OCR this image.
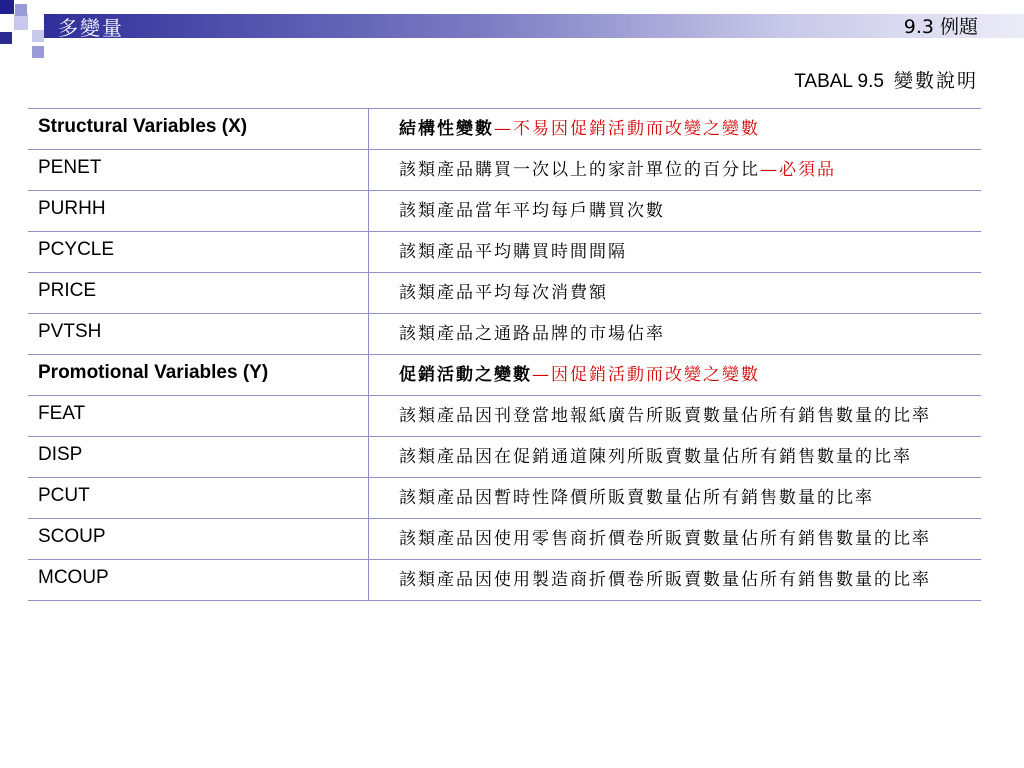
多變量	9.3 例題
TABAL 9.5 變數說明
Structural Variables (X)	結構性變數—不易因促銷活動而改變之變數
PENET	該類產品購買一次以上的家計單位的百分比—必須品
PURHH	該類產品當年平均每戶購買次數
PCYCLE	該類產品平均購買時間間隔
PRICE	該類產品平均每次消費額
PVTSH	該類產品之通路品牌的市場佔率
Promotional Variables (Y)	促銷活動之變數—因促銷活動而改變之變數
FEAT	該類產品因刊登當地報紙廣告所販賣數量佔所有銷售數量的比率
DISP	該類產品因在促銷通道陳列所販賣數量佔所有銷售數量的比率
PCUT	該類產品因暫時性降價所販賣數量佔所有銷售數量的比率
SCOUP	該類產品因使用零售商折價卷所販賣數量佔所有銷售數量的比率
MCOUP	該類產品因使用製造商折價卷所販賣數量佔所有銷售數量的比率
